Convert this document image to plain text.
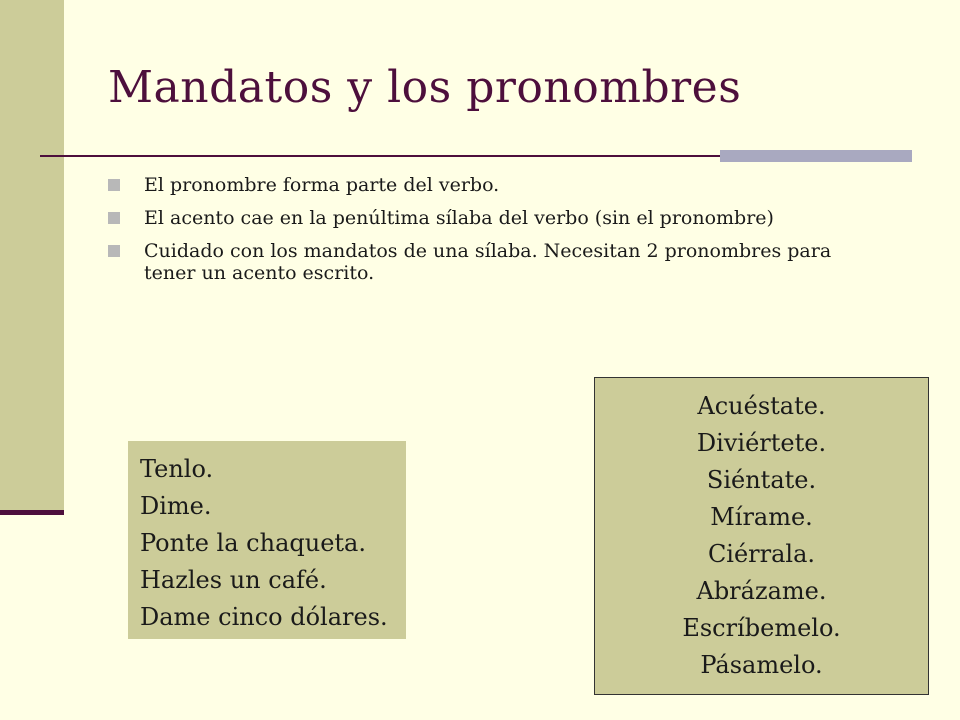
Mandatos y los pronombres
El pronombre forma parte del verbo.
El acento cae en la penúltima sílaba del verbo (sin el pronombre)
Cuidado con los mandatos de una sílaba. Necesitan 2 pronombres para tener un acento escrito.
Tenlo.
Dime.
Ponte la chaqueta.
Hazles un café.
Dame cinco dólares.
Acuéstate.
Diviértete.
Siéntate.
Mírame.
Ciérrala.
Abrázame.
Escríbemelo.
Pásamelo.
